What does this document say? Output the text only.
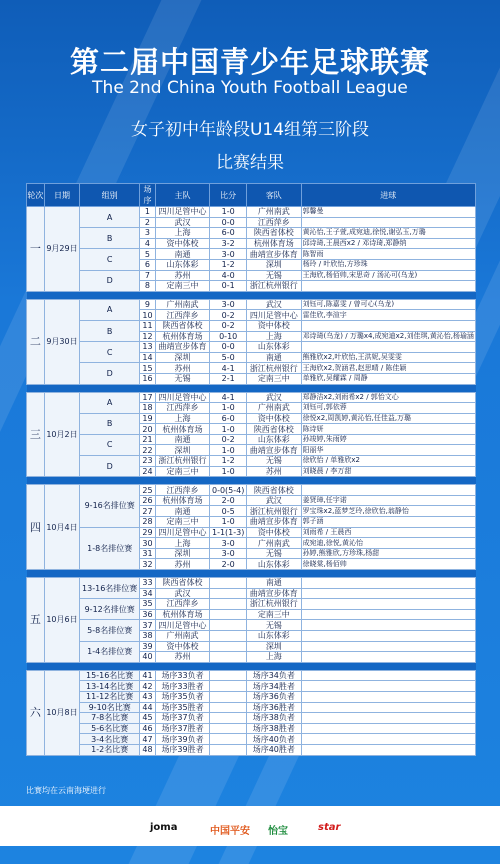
第二届中国青少年足球联赛
The 2nd China Youth Football League
女子初中年龄段U14组第三阶段
比赛结果
轮次	日期	组别	场序	主队	比分	客队	进球
一	9月29日	A	1	四川足管中心	1-0	广州南武	郭馨曼
			2	武汉	0-0	江西萍乡	
		B	3	上海	6-0	陕西省体校	黄沁怡,王子萱,成宛迪,徐悦,谢弘玉,万璐
			4	资中体校	3-2	杭州体育场	邱诗琦,王晨西x2 / 邓诗琦,郑静纳
		C	5	南通	3-0	曲靖宣步体育	陈智雨
			6	山东体彩	1-2	深圳	杨玲 / 叶欣怡,方珍珠
		D	7	苏州	4-0	无锡	王海欣,杨佰帅,宋思奇 / 汤沁可(乌龙)
			8	定南三中	0-1	浙江杭州银行	

二	9月30日	A	9	广州南武	3-0	武汉	刘钰可,陈嘉雯 / 曾可心(乌龙)
			10	江西萍乡	0-2	四川足管中心	雷佳欣,李渲宇
		B	11	陕西省体校	0-2	资中体校	
			12	杭州体育场	0-10	上海	邓诗琦(乌龙) / 万璐x4,成宛迪x2,刘佳琪,黄沁怡,杨瑜涵
		C	13	曲靖宣步体育	0-0	山东体彩	
			14	深圳	5-0	南通	熊雅欣x2,叶欣怡,王洪妮,吴雯雯
		D	15	苏州	4-1	浙江杭州银行	王海欣x2,贺涵君,赵思晴 / 陈佳颖
			16	无锡	2-1	定南三中	单雅欣,吴耀霖 / 周静

三	10月2日	A	17	四川足管中心	4-1	武汉	郑静洁x2,刘雨希x2 / 郭怡文心
			18	江西萍乡	1-0	广州南武	刘钰可,郭依蓉
		B	19	上海	6-0	资中体校	徐悦x2,周凯婷,黄沁怡,任佳益,万璐
			20	杭州体育场	1-0	陕西省体校	陈诗妍
		C	21	南通	0-2	山东体彩	孙竣婷,朱雨婷
			22	深圳	1-0	曲靖宣步体育	阳丽华
		D	23	浙江杭州银行	1-2	无锡	徐欣怡 / 单雅欣x2
			24	定南三中	1-0	苏州	刘晓晨 / 李万甜

四	10月4日	9-16名排位赛	25	江西萍乡	0-0(5-4)	陕西省体校	
			26	杭州体育场	2-0	武汉	姜贤璋,任宇诺
			27	南通	0-5	浙江杭州银行	罗宝珠x2,蓝梦芝玲,徐欣怡,翁静怡
			28	定南三中	1-0	曲靖宣步体育	郭子涵
		1-8名排位赛	29	四川足管中心	1-1(1-3)	资中体校	刘雨希 / 王晨西
			30	上海	3-0	广州南武	成宛迪,徐悦,黄沁怡
			31	深圳	3-0	无锡	孙婷,熊雅欣,方珍珠,杨甜
			32	苏州	2-0	山东体彩	徐晓棠,杨佰帅

五	10月6日	13-16名排位赛	33	陕西省体校		南通	
			34	武汉		曲靖宣步体育	
		9-12名排位赛	35	江西萍乡		浙江杭州银行	
			36	杭州体育场		定南三中	
		5-8名排位赛	37	四川足管中心		无锡	
			38	广州南武		山东体彩	
		1-4名排位赛	39	资中体校		深圳	
			40	苏州		上海	

六	10月8日	15-16名比赛	41	场序33负者		场序34负者	
		13-14名比赛	42	场序33胜者		场序34胜者	
		11-12名比赛	43	场序35负者		场序36负者	
		9-10名比赛	44	场序35胜者		场序36胜者	
		7-8名比赛	45	场序37负者		场序38负者	
		5-6名比赛	46	场序37胜者		场序38胜者	
		3-4名比赛	47	场序39负者		场序40负者	
		1-2名比赛	48	场序39胜者		场序40胜者	
比赛均在云南海埂进行
joma	中国平安 怡宝	star
